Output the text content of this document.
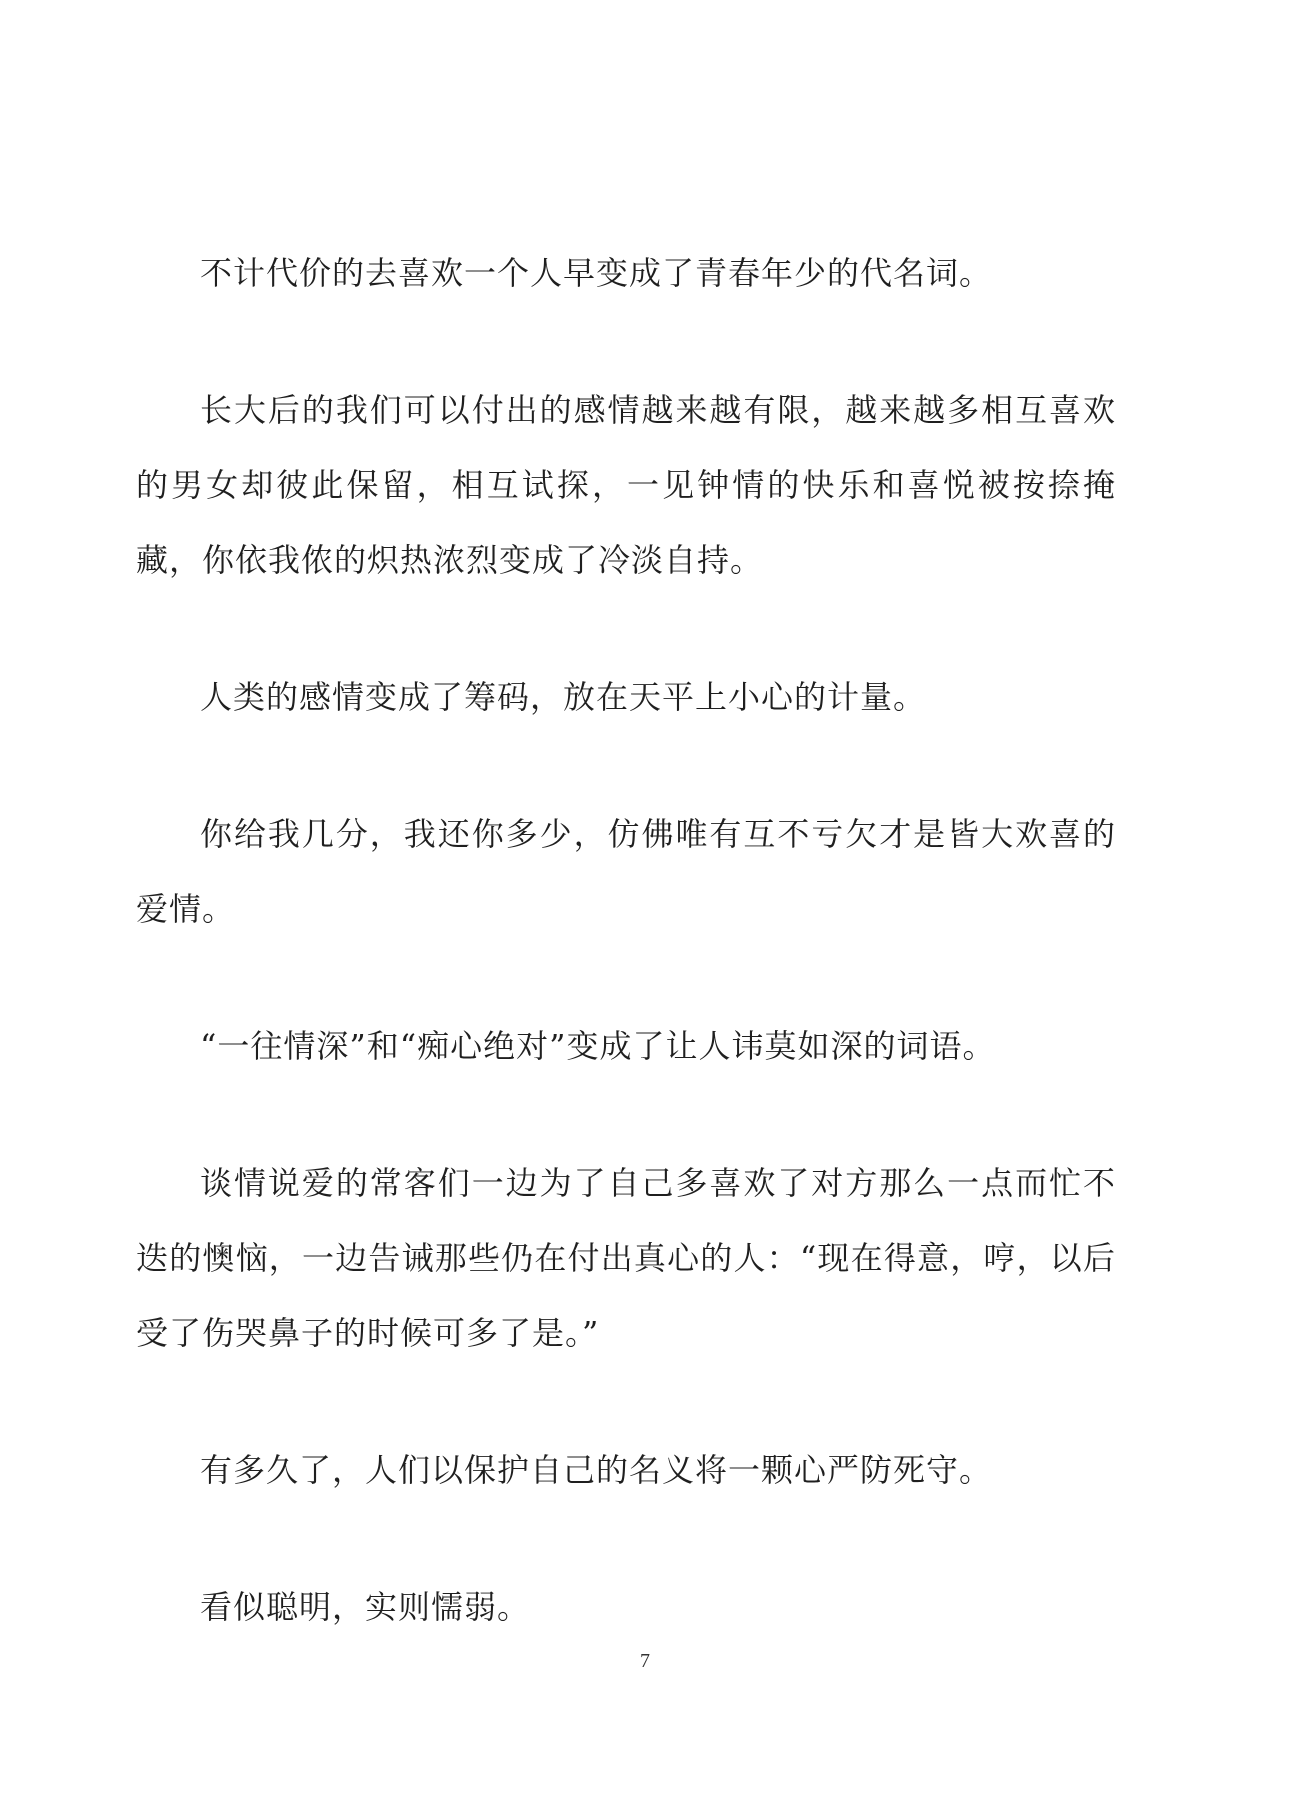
不计代价的去喜欢一个人早变成了青春年少的代名词。

长大后的我们可以付出的感情越来越有限，越来越多相互喜欢的男女却彼此保留，相互试探，一见钟情的快乐和喜悦被按捺掩藏，你依我侬的炽热浓烈变成了冷淡自持。

人类的感情变成了筹码，放在天平上小心的计量。

你给我几分，我还你多少，仿佛唯有互不亏欠才是皆大欢喜的爱情。

“一往情深”和“痴心绝对”变成了让人讳莫如深的词语。

谈情说爱的常客们一边为了自己多喜欢了对方那么一点而忙不迭的懊恼，一边告诫那些仍在付出真心的人：“现在得意，哼，以后受了伤哭鼻子的时候可多了是。”

有多久了，人们以保护自己的名义将一颗心严防死守。

看似聪明，实则懦弱。

7
